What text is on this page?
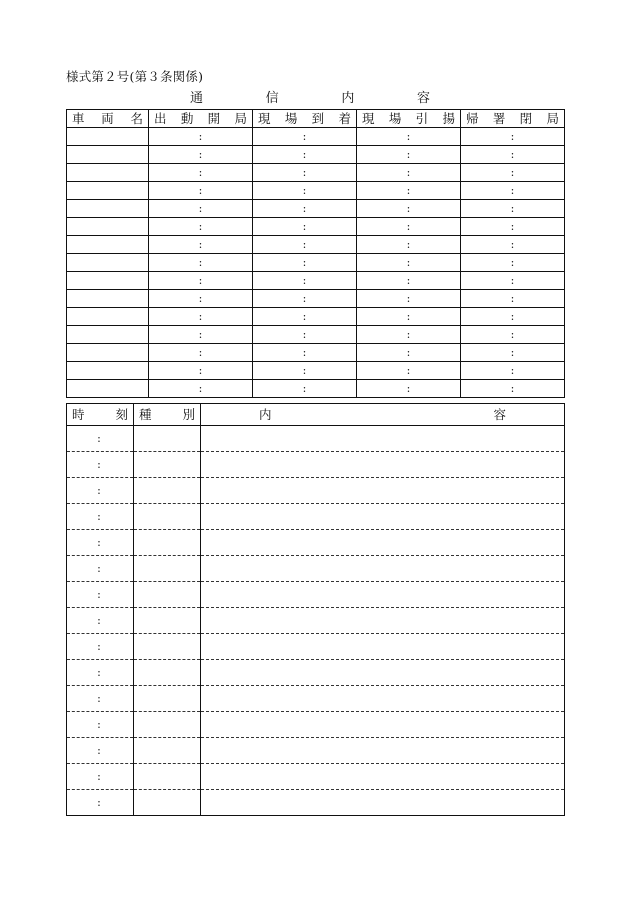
様式第２号(第３条関係)
通	信	内	容
車 両 名	出 動 開 局	現 場 到 着	現 場 引 揚	帰 署 閉 局

	:	:	:	:
	:	:	:	:
	:	:	:	:
	:	:	:	:
	:	:	:	:
	:	:	:	:
	:	:	:	:
	:	:	:	:
	:	:	:	:
	:	:	:	:
	:	:	:	:
	:	:	:	:
	:	:	:	:
	:	:	:	:
	:	:	:	:
時 刻	種 別	内 容

:		
:		
:		
:		
:		
:		
:		
:		
:		
:		
:		
:		
:		
:		
:		
